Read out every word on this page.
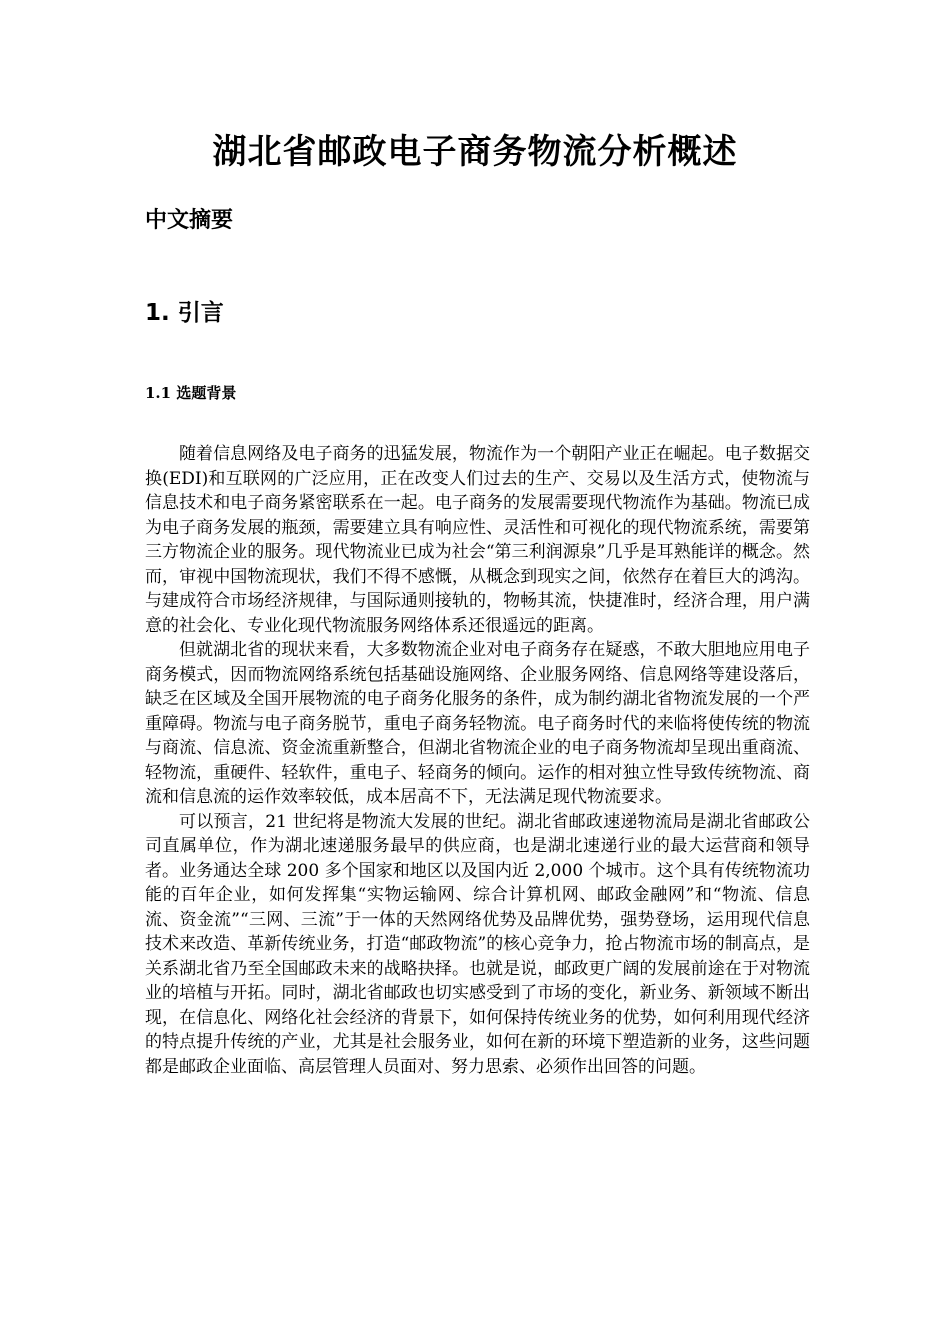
湖北省邮政电子商务物流分析概述
中文摘要
1. 引言
1.1 选题背景

随着信息网络及电子商务的迅猛发展，物流作为一个朝阳产业正在崛起。电子数据交换(EDI)和互联网的广泛应用，正在改变人们过去的生产、交易以及生活方式，使物流与信息技术和电子商务紧密联系在一起。电子商务的发展需要现代物流作为基础。物流已成为电子商务发展的瓶颈，需要建立具有响应性、灵活性和可视化的现代物流系统，需要第三方物流企业的服务。现代物流业已成为社会“第三利润源泉”几乎是耳熟能详的概念。然而，审视中国物流现状，我们不得不感慨，从概念到现实之间，依然存在着巨大的鸿沟。与建成符合市场经济规律，与国际通则接轨的，物畅其流，快捷准时，经济合理，用户满意的社会化、专业化现代物流服务网络体系还很遥远的距离。

但就湖北省的现状来看，大多数物流企业对电子商务存在疑惑，不敢大胆地应用电子商务模式，因而物流网络系统包括基础设施网络、企业服务网络、信息网络等建设落后，缺乏在区域及全国开展物流的电子商务化服务的条件，成为制约湖北省物流发展的一个严重障碍。物流与电子商务脱节，重电子商务轻物流。电子商务时代的来临将使传统的物流与商流、信息流、资金流重新整合，但湖北省物流企业的电子商务物流却呈现出重商流、轻物流，重硬件、轻软件，重电子、轻商务的倾向。运作的相对独立性导致传统物流、商流和信息流的运作效率较低，成本居高不下，无法满足现代物流要求。

可以预言，21 世纪将是物流大发展的世纪。湖北省邮政速递物流局是湖北省邮政公司直属单位，作为湖北速递服务最早的供应商，也是湖北速递行业的最大运营商和领导者。业务通达全球 200 多个国家和地区以及国内近 2,000 个城市。这个具有传统物流功能的百年企业，如何发挥集“实物运输网、综合计算机网、邮政金融网”和“物流、信息流、资金流”“三网、三流”于一体的天然网络优势及品牌优势，强势登场，运用现代信息技术来改造、革新传统业务，打造“邮政物流”的核心竞争力，抢占物流市场的制高点，是关系湖北省乃至全国邮政未来的战略抉择。也就是说，邮政更广阔的发展前途在于对物流业的培植与开拓。同时，湖北省邮政也切实感受到了市场的变化，新业务、新领域不断出现，在信息化、网络化社会经济的背景下，如何保持传统业务的优势，如何利用现代经济的特点提升传统的产业，尤其是社会服务业，如何在新的环境下塑造新的业务，这些问题都是邮政企业面临、高层管理人员面对、努力思索、必须作出回答的问题。
